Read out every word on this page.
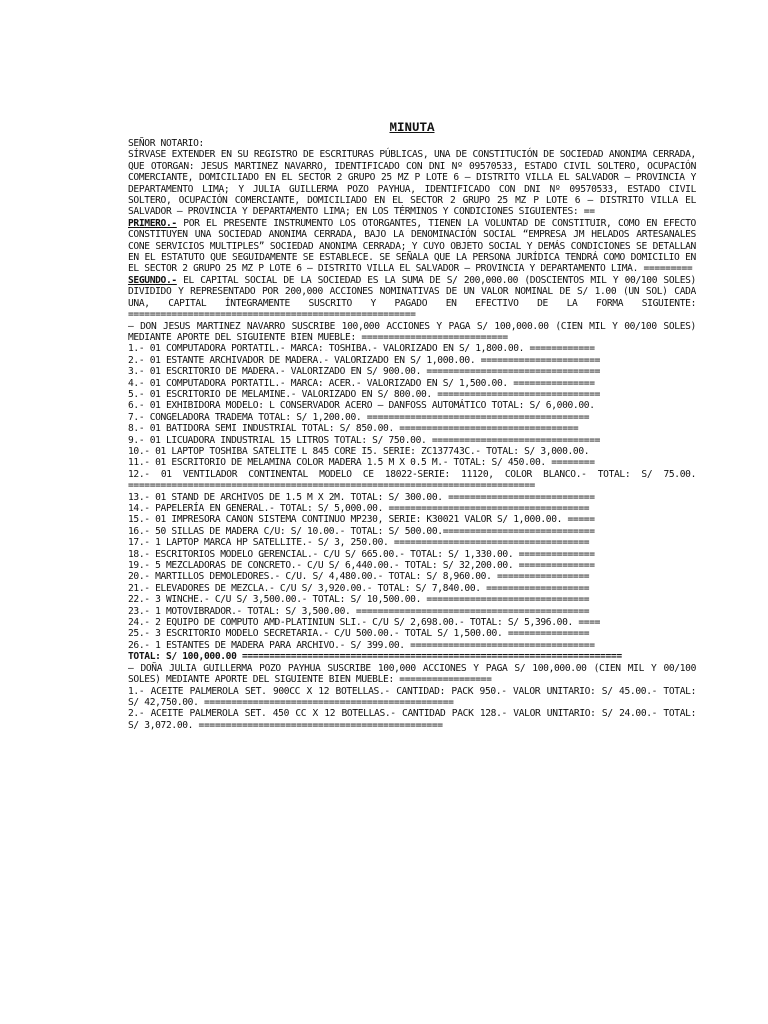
MINUTA

SEÑOR NOTARIO:

SÍRVASE EXTENDER EN SU REGISTRO DE ESCRITURAS PÚBLICAS, UNA DE CONSTITUCIÓN DE SOCIEDAD ANONIMA CERRADA, QUE OTORGAN: JESUS MARTINEZ NAVARRO, IDENTIFICADO CON DNI Nº 09570533, ESTADO CIVIL SOLTERO, OCUPACIÓN COMERCIANTE, DOMICILIADO EN EL SECTOR 2 GRUPO 25 MZ P LOTE 6 – DISTRITO VILLA EL SALVADOR – PROVINCIA Y DEPARTAMENTO LIMA; Y JULIA GUILLERMA POZO PAYHUA, IDENTIFICADO CON DNI Nº 09570533, ESTADO CIVIL SOLTERO, OCUPACIÓN COMERCIANTE, DOMICILIADO EN EL SECTOR 2 GRUPO 25 MZ P LOTE 6 – DISTRITO VILLA EL SALVADOR – PROVINCIA Y DEPARTAMENTO LIMA; EN LOS TÉRMINOS Y CONDICIONES SIGUIENTES: ==

PRIMERO.- POR EL PRESENTE INSTRUMENTO LOS OTORGANTES, TIENEN LA VOLUNTAD DE CONSTITUIR, COMO EN EFECTO CONSTITUYEN UNA SOCIEDAD ANONIMA CERRADA, BAJO LA DENOMINACIÓN SOCIAL “EMPRESA JM HELADOS ARTESANALES CONE SERVICIOS MULTIPLES” SOCIEDAD ANONIMA CERRADA; Y CUYO OBJETO SOCIAL Y DEMÁS CONDICIONES SE DETALLAN EN EL ESTATUTO QUE SEGUIDAMENTE SE ESTABLECE. SE SEÑALA QUE LA PERSONA JURÍDICA TENDRÁ COMO DOMICILIO EN EL SECTOR 2 GRUPO 25 MZ P LOTE 6 – DISTRITO VILLA EL SALVADOR – PROVINCIA Y DEPARTAMENTO LIMA. =========

SEGUNDO.- EL CAPITAL SOCIAL DE LA SOCIEDAD ES LA SUMA DE S/ 200,000.00 (DOSCIENTOS MIL Y 00/100 SOLES) DIVIDIDO Y REPRESENTADO POR 200,000 ACCIONES NOMINATIVAS DE UN VALOR NOMINAL DE S/ 1.00 (UN SOL) CADA UNA, CAPITAL ÍNTEGRAMENTE SUSCRITO Y PAGADO EN EFECTIVO DE LA FORMA SIGUIENTE: =====================================================

– DON JESUS MARTINEZ NAVARRO SUSCRIBE 100,000 ACCIONES Y PAGA S/ 100,000.00 (CIEN MIL Y 00/100 SOLES) MEDIANTE APORTE DEL SIGUIENTE BIEN MUEBLE: ===========================

1.- 01 COMPUTADORA PORTATIL.- MARCA: TOSHIBA.- VALORIZADO EN S/ 1,800.00. ============

2.- 01 ESTANTE ARCHIVADOR DE MADERA.- VALORIZADO EN S/ 1,000.00. ======================

3.- 01 ESCRITORIO DE MADERA.- VALORIZADO EN S/ 900.00. ================================

4.- 01 COMPUTADORA PORTATIL.- MARCA: ACER.- VALORIZADO EN S/ 1,500.00. ===============

5.- 01 ESCRITORIO DE MELAMINE.- VALORIZADO EN S/ 800.00. ==============================

6.- 01 EXHIBIDORA MODELO: L CONSERVADOR ACERO – DANFOSS AUTOMÁTICO TOTAL: S/ 6,000.00.

7.- CONGELADORA TRADEMA TOTAL: S/ 1,200.00. =========================================

8.- 01 BATIDORA SEMI INDUSTRIAL TOTAL: S/ 850.00. =================================

9.- 01 LICUADORA INDUSTRIAL 15 LITROS TOTAL: S/ 750.00. ===============================

10.- 01 LAPTOP TOSHIBA SATELITE L 845 CORE I5. SERIE: ZC137743C.- TOTAL: S/ 3,000.00.

11.- 01 ESCRITORIO DE MELAMINA COLOR MADERA 1.5 M X 0.5 M.- TOTAL: S/ 450.00. ========

12.- 01 VENTILADOR CONTINENTAL MODELO CE 18022-SERIE: 11120, COLOR BLANCO.- TOTAL: S/ 75.00. ===========================================================================

13.- 01 STAND DE ARCHIVOS DE 1.5 M X 2M. TOTAL: S/ 300.00. ===========================

14.- PAPELERÍA EN GENERAL.- TOTAL: S/ 5,000.00. =====================================

15.- 01 IMPRESORA CANON SISTEMA CONTINUO MP230, SERIE: K30021 VALOR S/ 1,000.00. =====

16.- 50 SILLAS DE MADERA C/U: S/ 10.00.- TOTAL: S/ 500.00.============================

17.- 1 LAPTOP MARCA HP SATELLITE.- S/ 3, 250.00. ====================================

18.- ESCRITORIOS MODELO GERENCIAL.- C/U S/ 665.00.- TOTAL: S/ 1,330.00. ==============

19.- 5 MEZCLADORAS DE CONCRETO.- C/U S/ 6,440.00.- TOTAL: S/ 32,200.00. ==============

20.- MARTILLOS DEMOLEDORES.- C/U. S/ 4,480.00.- TOTAL: S/ 8,960.00. =================

21.- ELEVADORES DE MEZCLA.- C/U S/ 3,920.00.- TOTAL: S/ 7,840.00. ===================

22.- 3 WINCHE.- C/U S/ 3,500.00.- TOTAL: S/ 10,500.00. ==============================

23.- 1 MOTOVIBRADOR.- TOTAL: S/ 3,500.00. ===========================================

24.- 2 EQUIPO DE COMPUTO AMD-PLATINIUN SLI.- C/U S/ 2,698.00.- TOTAL: S/ 5,396.00. ====

25.- 3 ESCRITORIO MODELO SECRETARIA.- C/U 500.00.- TOTAL S/ 1,500.00. ===============

26.- 1 ESTANTES DE MADERA PARA ARCHIVO.- S/ 399.00. ==================================

TOTAL: S/ 100,000.00 ======================================================================

– DOÑA JULIA GUILLERMA POZO PAYHUA SUSCRIBE 100,000 ACCIONES Y PAGA S/ 100,000.00 (CIEN MIL Y 00/100 SOLES) MEDIANTE APORTE DEL SIGUIENTE BIEN MUEBLE: =================

1.- ACEITE PALMEROLA SET. 900CC X 12 BOTELLAS.- CANTIDAD: PACK 950.- VALOR UNITARIO: S/ 45.00.- TOTAL: S/ 42,750.00. ==============================================

2.- ACEITE PALMEROLA SET. 450 CC X 12 BOTELLAS.- CANTIDAD PACK 128.- VALOR UNITARIO: S/ 24.00.- TOTAL: S/ 3,072.00. =============================================
